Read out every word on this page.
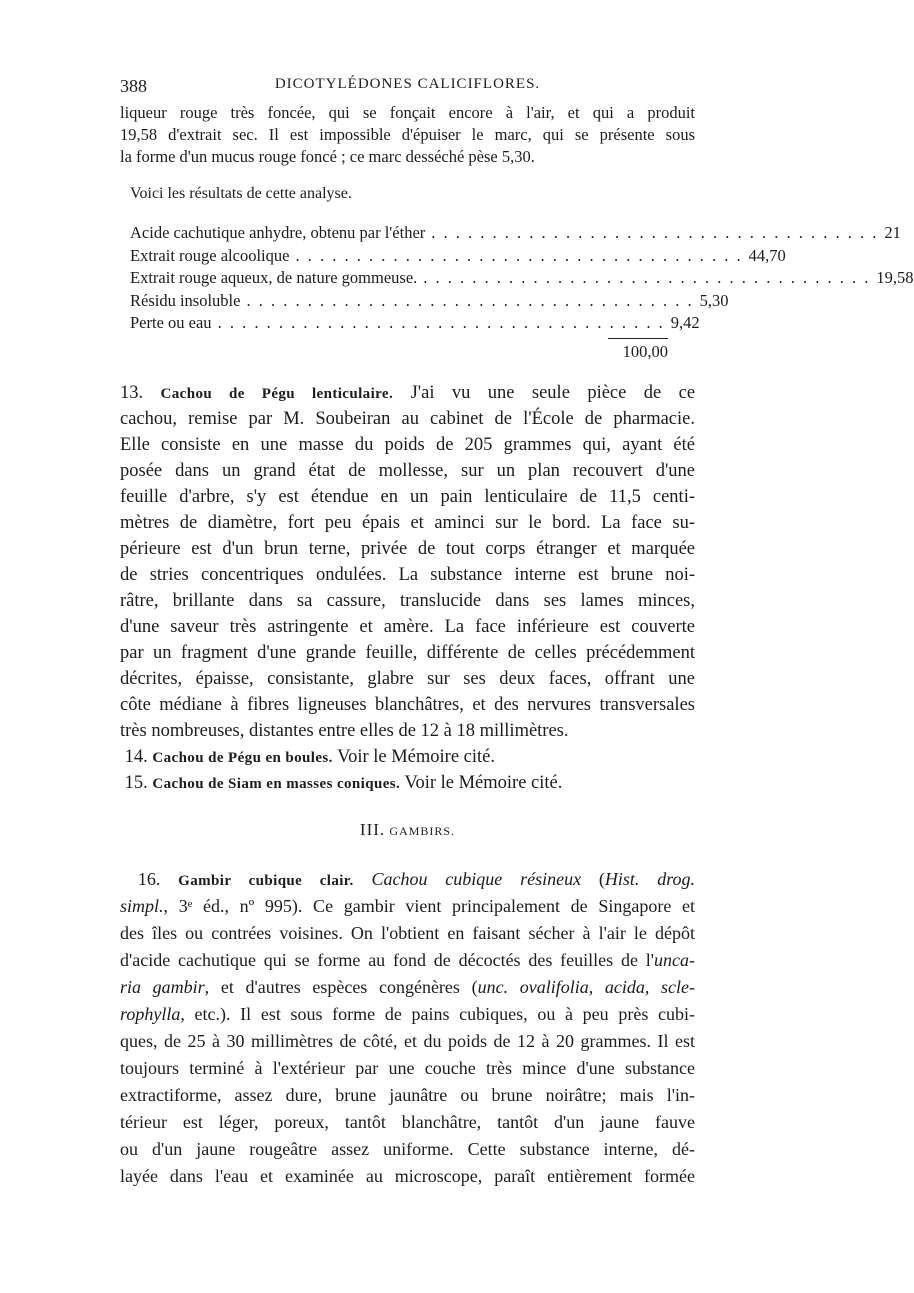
388	DICOTYLÉDONES CALICIFLORES.
liqueur rouge très foncée, qui se fonçait encore à l'air, et qui a produit
19,58 d'extrait sec. Il est impossible d'épuiser le marc, qui se présente sous
la forme d'un mucus rouge foncé ; ce marc desséché pèse 5,30.
Voici les résultats de cette analyse.
Acide cachutique anhydre, obtenu par l'éther . . . . . . . . . . . . . . . . . . . . . . . . . . . . . . . . . . . . . 21
Extrait rouge alcoolique . . . . . . . . . . . . . . . . . . . . . . . . . . . . . . . . . . . . . 44,70
Extrait rouge aqueux, de nature gommeuse. . . . . . . . . . . . . . . . . . . . . . . . . . . . . . . . . . . . . . 19,58
Résidu insoluble . . . . . . . . . . . . . . . . . . . . . . . . . . . . . . . . . . . . . 5,30
Perte ou eau . . . . . . . . . . . . . . . . . . . . . . . . . . . . . . . . . . . . . 9,42
100,00
13. Cachou de Pégu lenticulaire. J'ai vu une seule pièce de ce
cachou, remise par M. Soubeiran au cabinet de l'École de pharmacie.
Elle consiste en une masse du poids de 205 grammes qui, ayant été
posée dans un grand état de mollesse, sur un plan recouvert d'une
feuille d'arbre, s'y est étendue en un pain lenticulaire de 11,5 centi-
mètres de diamètre, fort peu épais et aminci sur le bord. La face su-
périeure est d'un brun terne, privée de tout corps étranger et marquée
de stries concentriques ondulées. La substance interne est brune noi-
râtre, brillante dans sa cassure, translucide dans ses lames minces,
d'une saveur très astringente et amère. La face inférieure est couverte
par un fragment d'une grande feuille, différente de celles précédemment
décrites, épaisse, consistante, glabre sur ses deux faces, offrant une
côte médiane à fibres ligneuses blanchâtres, et des nervures transversales
très nombreuses, distantes entre elles de 12 à 18 millimètres.
14. Cachou de Pégu en boules. Voir le Mémoire cité.
15. Cachou de Siam en masses coniques. Voir le Mémoire cité.
III. GAMBIRS.
16. Gambir cubique clair. Cachou cubique résineux (Hist. drog.
simpl., 3ᵉ éd., nº 995). Ce gambir vient principalement de Singapore et
des îles ou contrées voisines. On l'obtient en faisant sécher à l'air le dépôt
d'acide cachutique qui se forme au fond de décoctés des feuilles de l'unca-
ria gambir, et d'autres espèces congénères (unc. ovalifolia, acida, scle-
rophylla, etc.). Il est sous forme de pains cubiques, ou à peu près cubi-
ques, de 25 à 30 millimètres de côté, et du poids de 12 à 20 grammes. Il est
toujours terminé à l'extérieur par une couche très mince d'une substance
extractiforme, assez dure, brune jaunâtre ou brune noirâtre; mais l'in-
térieur est léger, poreux, tantôt blanchâtre, tantôt d'un jaune fauve
ou d'un jaune rougeâtre assez uniforme. Cette substance interne, dé-
layée dans l'eau et examinée au microscope, paraît entièrement formée
